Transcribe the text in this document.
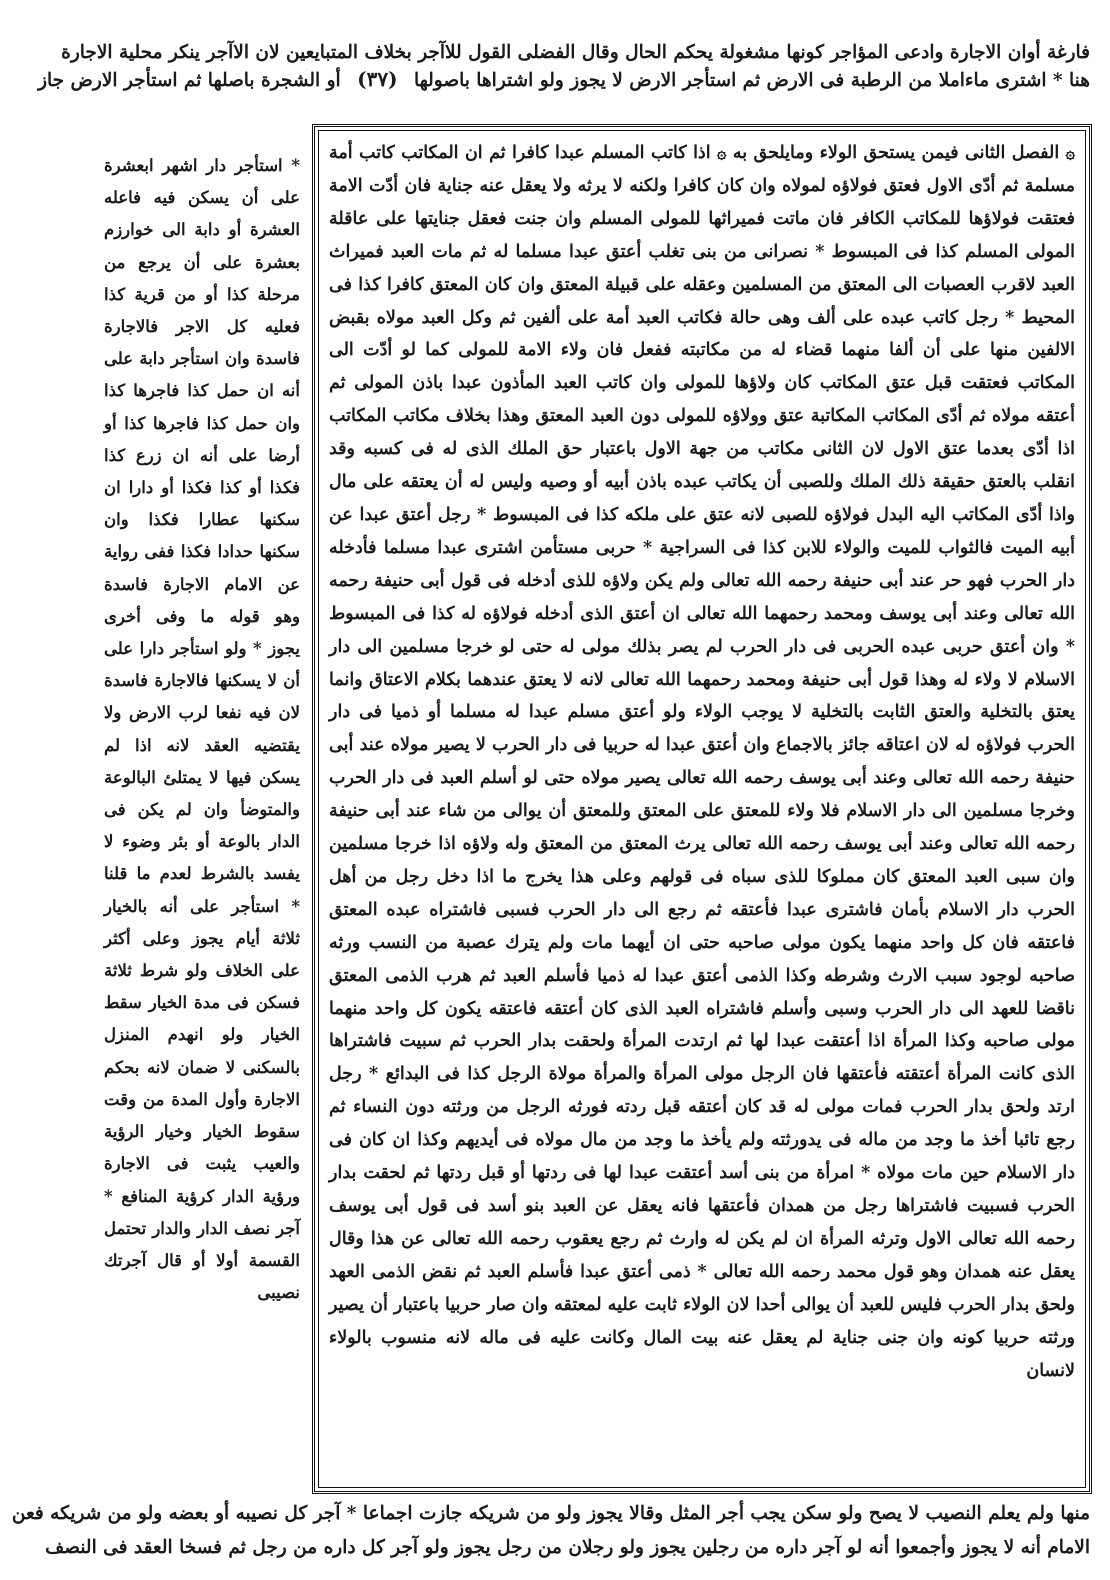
فارغة أوان الاجارة وادعى المؤاجر كونها مشغولة يحكم الحال وقال الفضلى القول للاآجر بخلاف المتبايعين لان الاآجر ينكر محلية الاجارة
هنا * اشترى ماءاملا من الرطبة فى الارض ثم استأجر الارض لا يجوز ولو اشتراها باصولها (٣٧) أو الشجرة باصلها ثم استأجر الارض جاز

۞ الفصل الثانى فيمن يستحق الولاء ومايلحق به ۞ اذا كاتب المسلم عبدا كافرا ثم ان المكاتب كاتب أمة مسلمة ثم أدّى الاول فعتق فولاؤه لمولاه وان كان كافرا ولكنه لا يرثه ولا يعقل عنه جناية فان أدّت الامة فعتقت فولاؤها للمكاتب الكافر فان ماتت فميراثها للمولى المسلم وان جنت فعقل جنايتها على عاقلة المولى المسلم كذا فى المبسوط * نصرانى من بنى تغلب أعتق عبدا مسلما له ثم مات العبد فميراث العبد لاقرب العصبات الى المعتق من المسلمين وعقله على قبيلة المعتق وان كان المعتق كافرا كذا فى المحيط * رجل كاتب عبده على ألف وهى حالة فكاتب العبد أمة على ألفين ثم وكل العبد مولاه بقبض الالفين منها على أن ألفا منهما قضاء له من مكاتبته ففعل فان ولاء الامة للمولى كما لو أدّت الى المكاتب فعتقت قبل عتق المكاتب كان ولاؤها للمولى وان كاتب العبد المأذون عبدا باذن المولى ثم أعتقه مولاه ثم أدّى المكاتب المكاتبة عتق وولاؤه للمولى دون العبد المعتق وهذا بخلاف مكاتب المكاتب اذا أدّى بعدما عتق الاول لان الثانى مكاتب من جهة الاول باعتبار حق الملك الذى له فى كسبه وقد انقلب بالعتق حقيقة ذلك الملك وللصبى أن يكاتب عبده باذن أبيه أو وصيه وليس له أن يعتقه على مال واذا أدّى المكاتب اليه البدل فولاؤه للصبى لانه عتق على ملكه كذا فى المبسوط * رجل أعتق عبدا عن أبيه الميت فالثواب للميت والولاء للابن كذا فى السراجية * حربى مستأمن اشترى عبدا مسلما فأدخله دار الحرب فهو حر عند أبى حنيفة رحمه الله تعالى ولم يكن ولاؤه للذى أدخله فى قول أبى حنيفة رحمه الله تعالى وعند أبى يوسف ومحمد رحمهما الله تعالى ان أعتق الذى أدخله فولاؤه له كذا فى المبسوط * وان أعتق حربى عبده الحربى فى دار الحرب لم يصر بذلك مولى له حتى لو خرجا مسلمين الى دار الاسلام لا ولاء له وهذا قول أبى حنيفة ومحمد رحمهما الله تعالى لانه لا يعتق عندهما بكلام الاعتاق وانما يعتق بالتخلية والعتق الثابت بالتخلية لا يوجب الولاء ولو أعتق مسلم عبدا له مسلما أو ذميا فى دار الحرب فولاؤه له لان اعتاقه جائز بالاجماع وان أعتق عبدا له حربيا فى دار الحرب لا يصير مولاه عند أبى حنيفة رحمه الله تعالى وعند أبى يوسف رحمه الله تعالى يصير مولاه حتى لو أسلم العبد فى دار الحرب وخرجا مسلمين الى دار الاسلام فلا ولاء للمعتق على المعتق وللمعتق أن يوالى من شاء عند أبى حنيفة رحمه الله تعالى وعند أبى يوسف رحمه الله تعالى يرث المعتق من المعتق وله ولاؤه اذا خرجا مسلمين وان سبى العبد المعتق كان مملوكا للذى سباه فى قولهم وعلى هذا يخرج ما اذا دخل رجل من أهل الحرب دار الاسلام بأمان فاشترى عبدا فأعتقه ثم رجع الى دار الحرب فسبى فاشتراه عبده المعتق فاعتقه فان كل واحد منهما يكون مولى صاحبه حتى ان أيهما مات ولم يترك عصبة من النسب ورثه صاحبه لوجود سبب الارث وشرطه وكذا الذمى أعتق عبدا له ذميا فأسلم العبد ثم هرب الذمى المعتق ناقضا للعهد الى دار الحرب وسبى وأسلم فاشتراه العبد الذى كان أعتقه فاعتقه يكون كل واحد منهما مولى صاحبه وكذا المرأة اذا أعتقت عبدا لها ثم ارتدت المرأة ولحقت بدار الحرب ثم سبيت فاشتراها الذى كانت المرأة أعتقته فأعتقها فان الرجل مولى المرأة والمرأة مولاة الرجل كذا فى البدائع * رجل ارتد ولحق بدار الحرب فمات مولى له قد كان أعتقه قبل ردته فورثه الرجل من ورثته دون النساء ثم رجع تائبا أخذ ما وجد من ماله فى يدورثته ولم يأخذ ما وجد من مال مولاه فى أيديهم وكذا ان كان فى دار الاسلام حين مات مولاه * امرأة من بنى أسد أعتقت عبدا لها فى ردتها أو قبل ردتها ثم لحقت بدار الحرب فسبيت فاشتراها رجل من همدان فأعتقها فانه يعقل عن العبد بنو أسد فى قول أبى يوسف رحمه الله تعالى الاول وترثه المرأة ان لم يكن له وارث ثم رجع يعقوب رحمه الله تعالى عن هذا وقال يعقل عنه همدان وهو قول محمد رحمه الله تعالى * ذمى أعتق عبدا فأسلم العبد ثم نقض الذمى العهد ولحق بدار الحرب فليس للعبد أن يوالى أحدا لان الولاء ثابت عليه لمعتقه وان صار حربيا باعتبار أن يصير ورثته حربيا كونه وان جنى جناية لم يعقل عنه بيت المال وكانت عليه فى ماله لانه منسوب بالولاء لانسان

* استأجر دار اشهر ابعشرة على أن يسكن فيه فاعله العشرة أو دابة الى خوارزم بعشرة على أن يرجع من مرحلة كذا أو من قرية كذا فعليه كل الاجر فالاجارة فاسدة وان استأجر دابة على أنه ان حمل كذا فاجرها كذا وان حمل كذا فاجرها كذا أو أرضا على أنه ان زرع كذا فكذا أو كذا فكذا أو دارا ان سكنها عطارا فكذا وان سكنها حدادا فكذا ففى رواية عن الامام الاجارة فاسدة وهو قوله ما وفى أخرى يجوز * ولو استأجر دارا على أن لا يسكنها فالاجارة فاسدة لان فيه نفعا لرب الارض ولا يقتضيه العقد لانه اذا لم يسكن فيها لا يمتلئ البالوعة والمتوضأ وان لم يكن فى الدار بالوعة أو بئر وضوء لا يفسد بالشرط لعدم ما قلنا * استأجر على أنه بالخيار ثلاثة أيام يجوز وعلى أكثر على الخلاف ولو شرط ثلاثة فسكن فى مدة الخيار سقط الخيار ولو انهدم المنزل بالسكنى لا ضمان لانه بحكم الاجارة وأول المدة من وقت سقوط الخيار وخيار الرؤية والعيب يثبت فى الاجارة ورؤية الدار كرؤية المنافع * آجر نصف الدار والدار تحتمل القسمة أولا أو قال آجرتك نصيبى

منها ولم يعلم النصيب لا يصح ولو سكن يجب أجر المثل وقالا يجوز ولو من شريكه جازت اجماعا * آجر كل نصيبه أو بعضه ولو من شريكه فعن
الامام أنه لا يجوز وأجمعوا أنه لو آجر داره من رجلين يجوز ولو رجلان من رجل يجوز ولو آجر كل داره من رجل ثم فسخا العقد فى النصف
